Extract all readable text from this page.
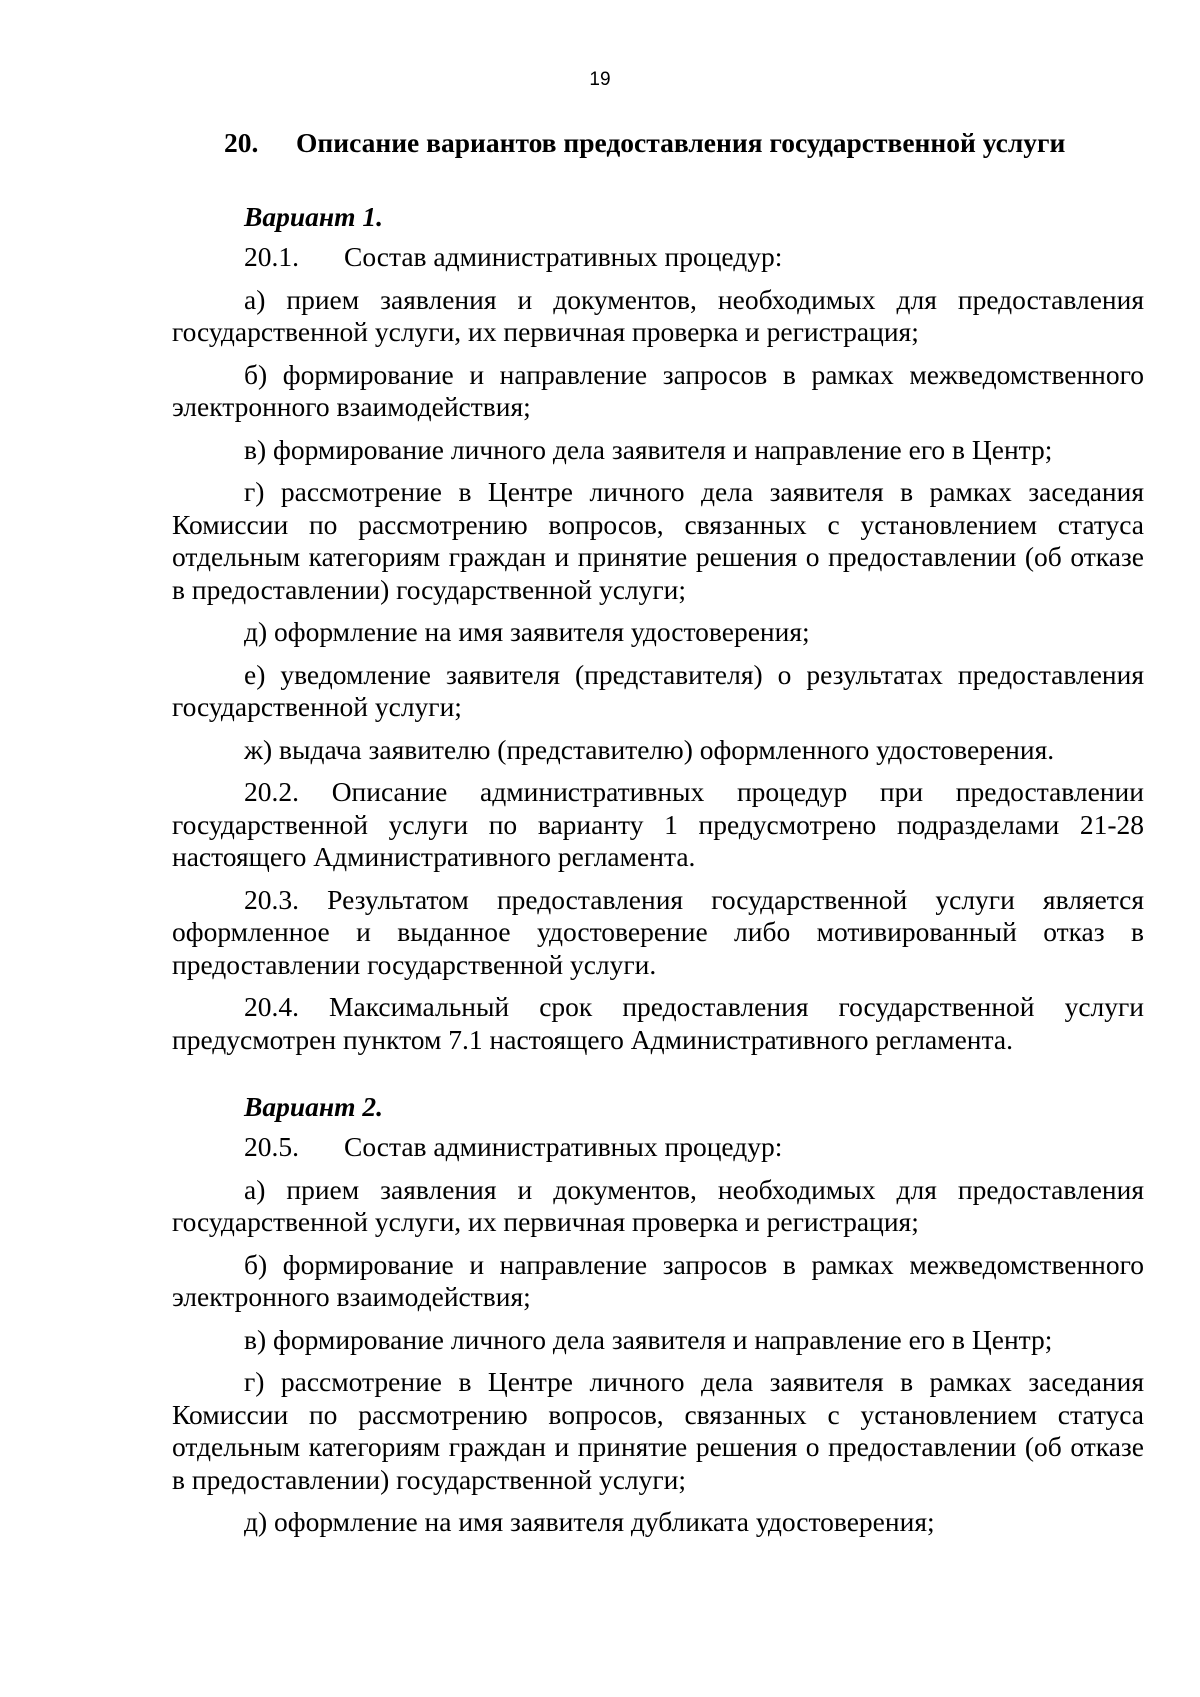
19
20. Описание вариантов предоставления государственной услуги

Вариант 1.

20.1. Состав административных процедур:

а) прием заявления и документов, необходимых для предоставления государственной услуги, их первичная проверка и регистрация;

б) формирование и направление запросов в рамках межведомственного электронного взаимодействия;

в) формирование личного дела заявителя и направление его в Центр;

г) рассмотрение в Центре личного дела заявителя в рамках заседания Комиссии по рассмотрению вопросов, связанных с установлением статуса отдельным категориям граждан и принятие решения о предоставлении (об отказе в предоставлении) государственной услуги;

д) оформление на имя заявителя удостоверения;

е) уведомление заявителя (представителя) о результатах предоставления государственной услуги;

ж) выдача заявителю (представителю) оформленного удостоверения.

20.2. Описание административных процедур при предоставлении государственной услуги по варианту 1 предусмотрено подразделами 21-28 настоящего Административного регламента.

20.3. Результатом предоставления государственной услуги является оформленное и выданное удостоверение либо мотивированный отказ в предоставлении государственной услуги.

20.4. Максимальный срок предоставления государственной услуги предусмотрен пунктом 7.1 настоящего Административного регламента.

Вариант 2.

20.5. Состав административных процедур:

а) прием заявления и документов, необходимых для предоставления государственной услуги, их первичная проверка и регистрация;

б) формирование и направление запросов в рамках межведомственного электронного взаимодействия;

в) формирование личного дела заявителя и направление его в Центр;

г) рассмотрение в Центре личного дела заявителя в рамках заседания Комиссии по рассмотрению вопросов, связанных с установлением статуса отдельным категориям граждан и принятие решения о предоставлении (об отказе в предоставлении) государственной услуги;

д) оформление на имя заявителя дубликата удостоверения;
